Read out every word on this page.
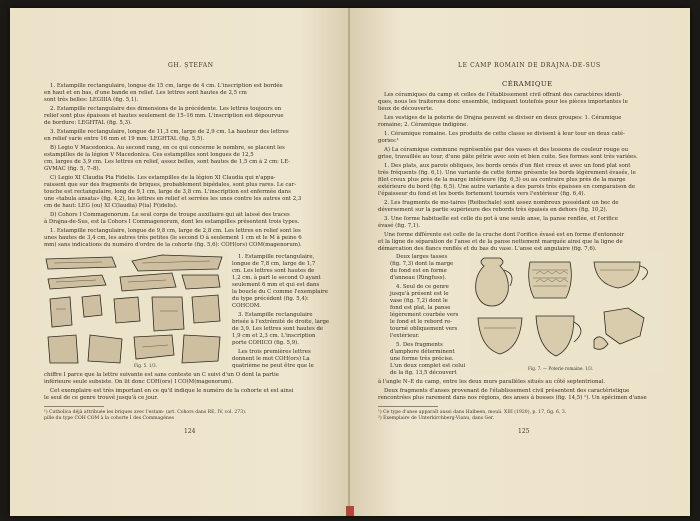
GH. ȘTEFAN
1. Estampille rectangulaire, longue de 15 cm, large de 4 cm. L'inscription est bordée
en haut et en bas, d'une bande en relief. Les lettres sont hautes de 2,5 cm
sont très belles: LEGIIIA (fig. 5,1).
2. Estampille rectangulaire des dimensions de la précédente. Les lettres toujours en
relief sont plus épaisses et hautes seulement de 15–16 mm. L'inscription est dépourvue
de bordure: LEGHTAL (fig. 5,3).
3. Estampille rectangulaire, longue de 11,3 cm, large de 2,9 cm. La hauteur des lettres
en relief varie entre 16 mm et 19 mm: LEGHTAL (fig. 5,5).
B) Legio V Macedonica. Au second rang, en ce qui concerne le nombre, se placent les
estampilles de la légion V Macedonica. Ces estampilles sont longues de 12,5
cm, larges de 3,9 cm. Les lettres en relief, assez belles, sont hautes de 1,5 cm à 2 cm: LE-
GVMAC (fig. 5, 7–8).
C) Legio XI Claudia Pia Fidelis. Les estampilles de la légion XI Claudia qui n'appa-
raissent que sur des fragments de briques, probablement bipédales, sont plus rares. Le car-
touche est rectangulaire, long de 9,1 cm, large de 3,8 cm. L'inscription est enfermée dans
une «tabula ansata» (fig. 4,2), les lettres en relief et serrées les unes contre les autres ont 2,3
cm de haut: LEG (ou) XI C(laudia) P(ia) F(idelis).
D) Cohors I Commagenorum. Le seul corps de troupe auxiliaire qui ait laissé des traces
à Drajna-de-Sus, est la Cohors I Commagenorum, dont les estampilles présentent trois types.
1. Estampille rectangulaire, longue de 9,8 cm, large de 2,8 cm. Les lettres en relief sont les
unes hautes de 3,4 cm, les autres très petites (le second O à seulement 1 cm et le M à peine 6
mm) sans indications du numéro d'ordre de la cohorte (fig. 5,6): COH(ors) COM(magenorum).
Fig. 5. 1/3.
1. Estampille rectangulaire,
longue de 7,8 cm, large de 1,7
cm. Les lettres sont hautes de
1,2 cm. à part le second O ayant
seulement 6 mm et qui est dans
la boucle du C comme l'exemplaire
du type précédent (fig. 5,4):
COHCOM.
3. Estampille rectangulaire
brisée à l'extrémité de droite, large
de 3,9. Les lettres sont hautes de
1,9 cm et 2,3 cm. L'inscription
porte COHICO (fig. 5,9).
Les trois premières lettres
donnent le mot COH(ors) La
quatrième ne peut être que le
chiffre I parce que la lettre suivante est sans conteste un C suivi d'un O dont la partie
inférieure seule subsiste. On lit donc COH(ors) I CO(M(magenorum).
Cet exemplaire est très important en ce qu'il indique le numéro de la cohorte et est ainsi
le seul de ce genre trouvé jusqu'à ce jour.
¹) Catholica déjà attribuée les briques avec l'estam- (art. Cohors dans RE. IV, col. 273).
pille du type COH COM à la cohorte I des Commagénes
124
LE CAMP ROMAIN DE DRAJNA-DE-SUS
CÉRAMIQUE
Les céramiques du camp et celles de l'établissement civil offrant des caractères identi-
ques, nous les traiterons donc ensemble, indiquant toutefois pour les pièces importantes le
lieux de découverte.
Les vestiges de la poterie de Drajna peuvent se diviser en deux groupes: 1. Céramique
romaine; 2. Céramique indigène.
1. Céramique romaine. Les produits de cette classe se divisent à leur tour en deux caté-
gories:¹
A) La céramique commune représentée par des vases et des tessons de couleur rouge ou
grise, travaillée au tour, d'une pâte pétrie avec soin et bien cuite. Ses formes sont très variées.
1. Des plats, aux parois obliques, les bords ornés d'un filet creux et avec un fond plat sont
très fréquents (fig. 6,1). Une variante de cette forme présente les bords légèrement évasés, le
filet creux plus près de la marge intérieure (fig. 6,3) ou au contraire plus près de la marge
extérieure du bord (fig. 6,5). Une autre variante a des parois très épaisses en comparaison de
l'épaisseur du fond et les bords fortement tournés vers l'extérieur (fig. 6,4).
2. Les fragments de mo-taires (Reibschale) sont assez nombreux possédant un bec de
déversement sur la partie supérieure des rebords très épaisés en dehors (fig. 10,2).
3. Une forme habituelle est celle du pot à une seule anse, la panse renflée, et l'orifice
évasé (fig. 7,1).
Une forme différente est celle de la cruche dont l'orifice évasé est en forme d'entonnoir
et la ligne de séparation de l'anse et de la panse nettement marquée ainsi que la ligne de
démarcation des flancs renflés et du bas du vase. L'anse est angulaire (fig. 7,6).
Deux larges tasses
(fig. 7,3) dont la marge
du fond est en forme
d'anneau (Ringfuss).
4. Seul de ce genre
jusqu'à présent est le
vase (fig. 7,2) dont le
fond est plat, la panse
légèrement courbée vers
le fond et le rebord re-
tourné obliquement vers
l'extérieur.
5. Des fragments
d'amphore déterminent
une forme très précise.
L'un deux complet est celui
de la fig. 13,5 découvert
Fig. 7. — Poterie romaine. 1/3.
à l'angle N–E du camp, entre les deux murs parallèles situés au côté septentrional.
Deux fragments d'anses provenant de l'établissement civil présentent des caractéristique
rencontrées plus rarement dans nos régions, des anses à bosses (fig. 14,5) ¹). Un spécimen d'anse
¹) Ce type d'anse apparaît aussi dans Halbeen, mouii. XIII (1920), p. 17, fig. 6, 3.
²) Exemplaire de Unterkirchberg-Vianu, dans Ger.
125
